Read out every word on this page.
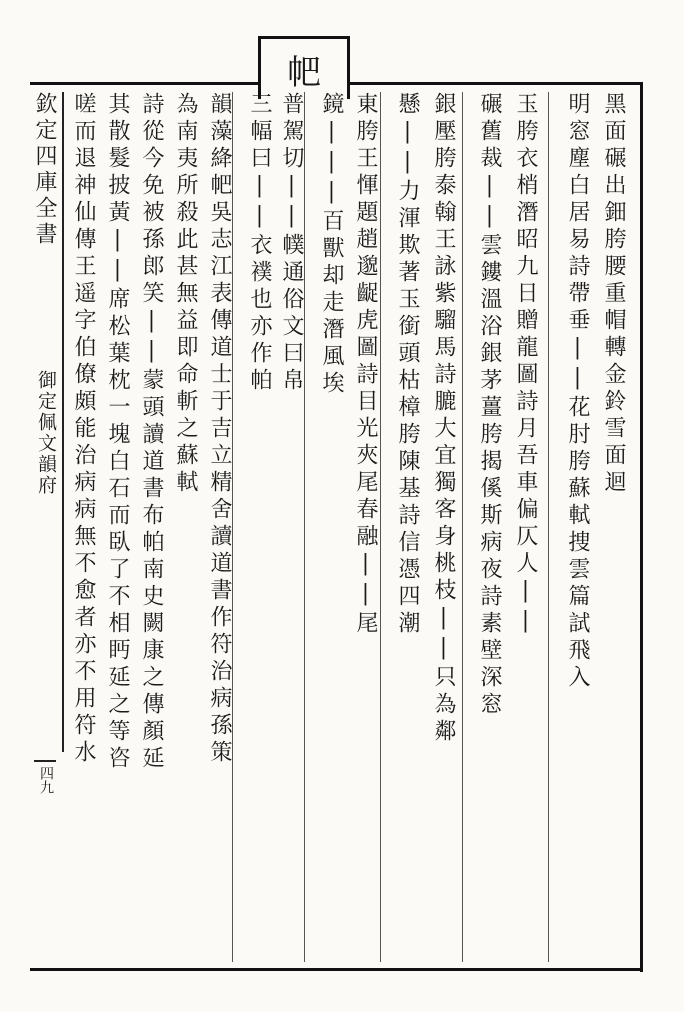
帊
欽定四庫全書
御定佩文韻府
四九
黑面碾出鈿胯腰重帽轉金鈴雪面迴
明窓塵白居易詩帶垂||花肘胯蘇軾捜雲篇試飛入
玉胯衣梢潛昭九日贈龍圖詩月吾車偏仄人||
碾舊裁||雲鏤溫浴銀茅薑胯揭傒斯病夜詩素壁深窓
銀壓胯泰翰王詠紫騮馬詩膔大宜獨客身桃枝||只為鄰
懸||力渾欺著玉銜頭枯樟胯陳基詩信憑四潮
東胯王惲題趙邈齪虎圖詩目光夾尾春融||尾
鏡|||百獸却走潛風埃
普駕切||幞通俗文曰帛
三幅曰||衣襆也亦作帕
韻藻絳帊吳志江表傳道士于吉立精舍讀道書作符治病孫策
為南夷所殺此甚無益即命斬之蘇軾
詩從今免被孫郎笑||蒙頭讀道書布帕南史闕康之傳顏延
其散髮披黃||席松葉枕一塊白石而臥了不相眄延之等咨
嗟而退神仙傳王遥字伯僚頗能治病病無不愈者亦不用符水
